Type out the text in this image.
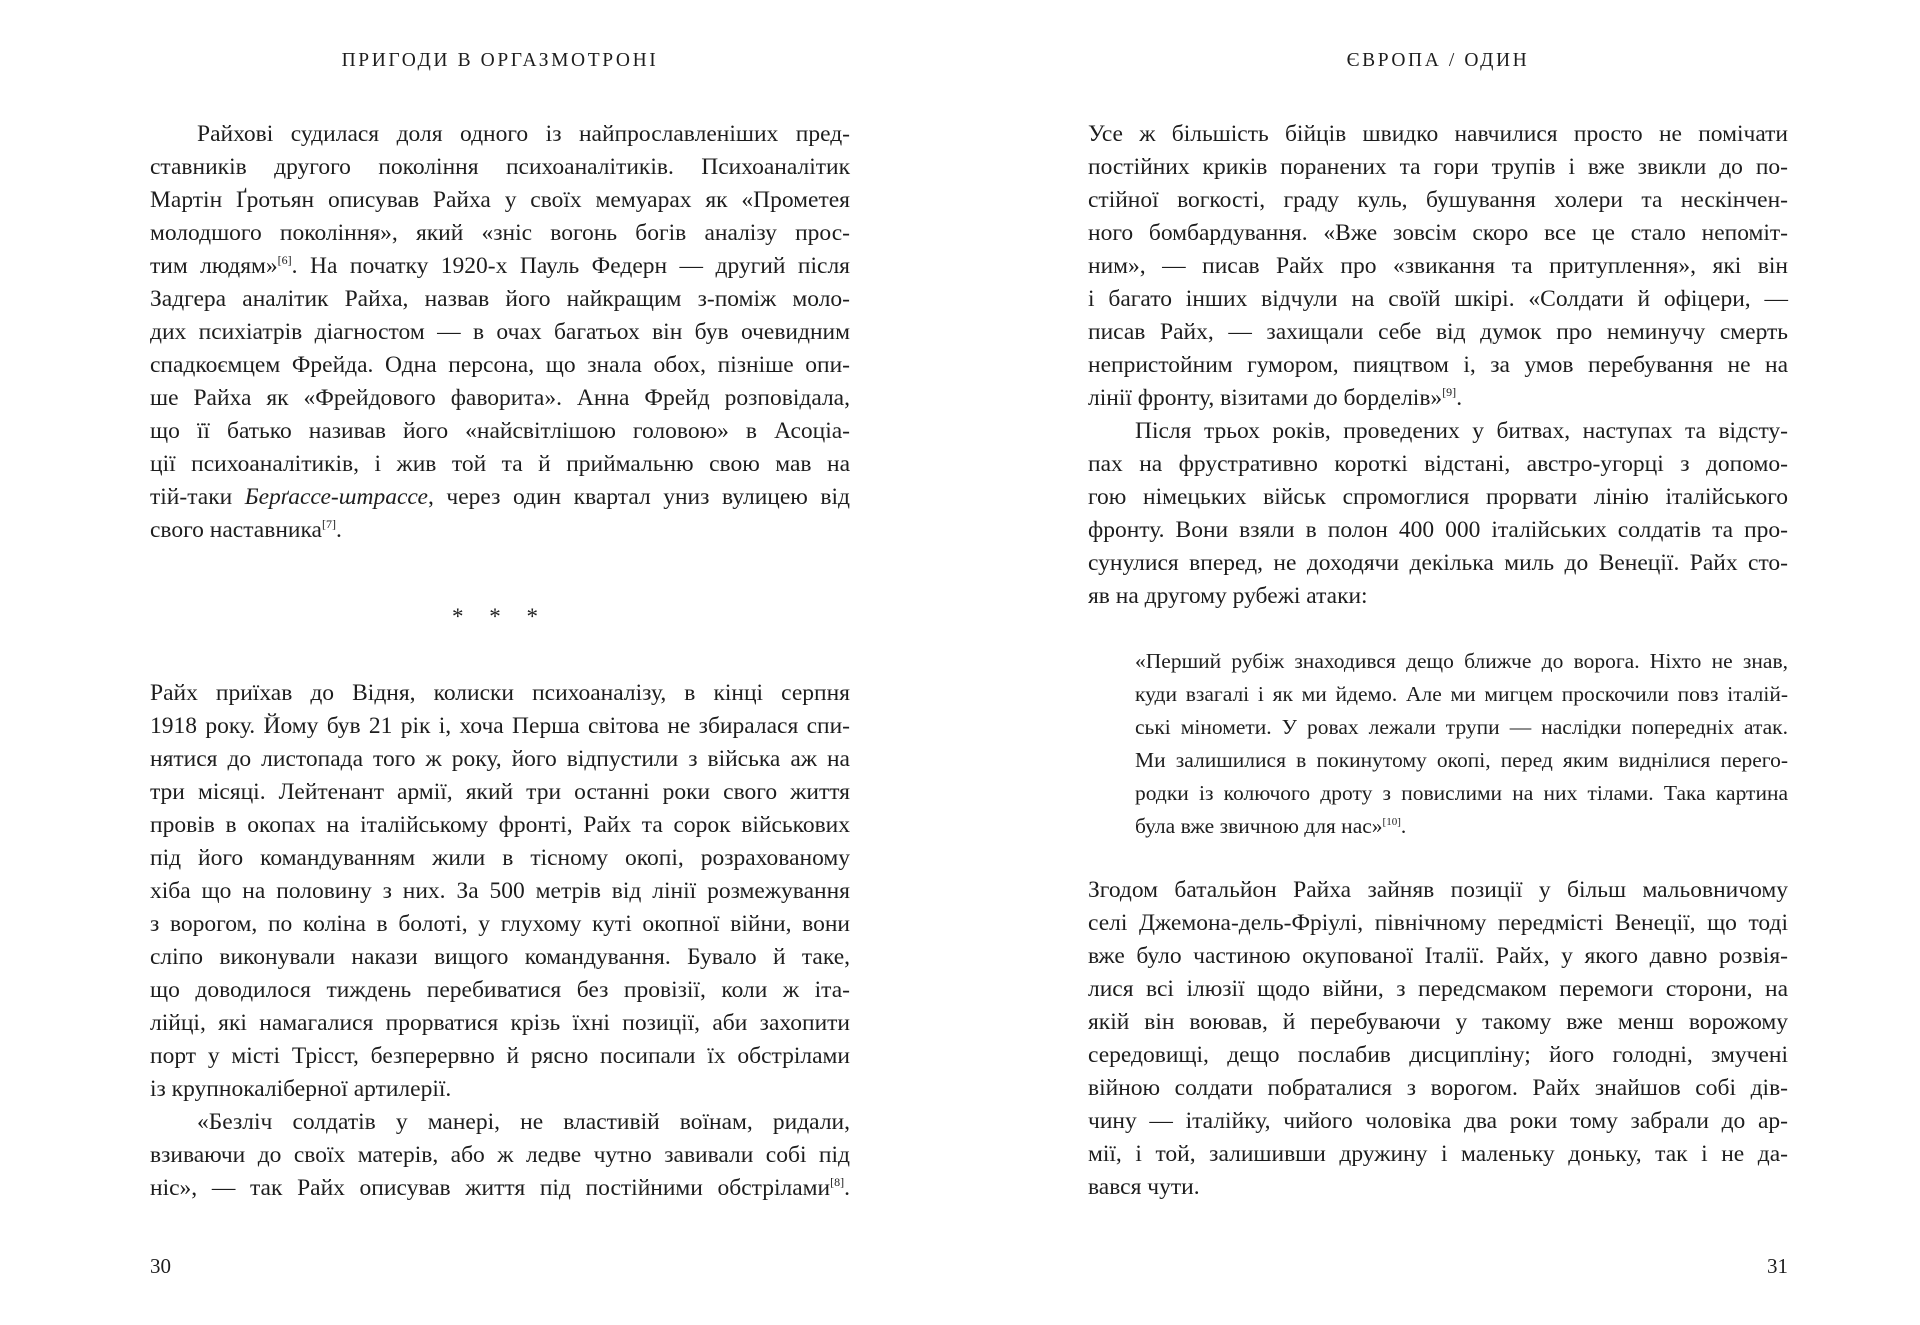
ПРИГОДИ В ОРГАЗМОТРОНІ
Райхові судилася доля одного із найпрославленіших пред-
ставників другого покоління психоаналітиків. Психоаналітик
Мартін Ґротьян описував Райха у своїх мемуарах як «Прометея
молодшого покоління», який «зніс вогонь богів аналізу прос-
тим людям»[6]. На початку 1920-х Пауль Федерн — другий після
Задгера аналітик Райха, назвав його найкращим з-поміж моло-
дих психіатрів діагностом — в очах багатьох він був очевидним
спадкоємцем Фрейда. Одна персона, що знала обох, пізніше опи-
ше Райха як «Фрейдового фаворита». Анна Фрейд розповідала,
що її батько називав його «найсвітлішою головою» в Асоціа-
ції психоаналітиків, і жив той та й приймальню свою мав на
тій-таки Берґассе-штрассе, через один квартал униз вулицею від
свого наставника[7].
* * *
Райх приїхав до Відня, колиски психоаналізу, в кінці серпня
1918 року. Йому був 21 рік і, хоча Перша світова не збиралася спи-
нятися до листопада того ж року, його відпустили з війська аж на
три місяці. Лейтенант армії, який три останні роки свого життя
провів в окопах на італійському фронті, Райх та сорок військових
під його командуванням жили в тісному окопі, розрахованому
хіба що на половину з них. За 500 метрів від лінії розмежування
з ворогом, по коліна в болоті, у глухому куті окопної війни, вони
сліпо виконували накази вищого командування. Бувало й таке,
що доводилося тиждень перебиватися без провізії, коли ж іта-
лійці, які намагалися прорватися крізь їхні позиції, аби захопити
порт у місті Трісст, безперервно й рясно посипали їх обстрілами
із крупнокаліберної артилерії.
«Безліч солдатів у манері, не властивій воїнам, ридали,
взиваючи до своїх матерів, або ж ледве чутно завивали собі під
ніс», — так Райх описував життя під постійними обстрілами[8].
30
ЄВРОПА / ОДИН
Усе ж більшість бійців швидко навчилися просто не помічати
постійних криків поранених та гори трупів і вже звикли до по-
стійної вогкості, граду куль, бушування холери та нескінчен-
ного бомбардування. «Вже зовсім скоро все це стало непоміт-
ним», — писав Райх про «звикання та притуплення», які він
і багато інших відчули на своїй шкірі. «Солдати й офіцери, —
писав Райх, — захищали себе від думок про неминучу смерть
непристойним гумором, пияцтвом і, за умов перебування не на
лінії фронту, візитами до борделів»[9].
Після трьох років, проведених у битвах, наступах та відсту-
пах на фрустративно короткі відстані, австро-угорці з допомо-
гою німецьких військ спромоглися прорвати лінію італійського
фронту. Вони взяли в полон 400 000 італійських солдатів та про-
сунулися вперед, не доходячи декілька миль до Венеції. Райх сто-
яв на другому рубежі атаки:
«Перший рубіж знаходився дещо ближче до ворога. Ніхто не знав,
куди взагалі і як ми йдемо. Але ми мигцем проскочили повз італій-
ські міномети. У ровах лежали трупи — наслідки попередніх атак.
Ми залишилися в покинутому окопі, перед яким виднілися перего-
родки із колючого дроту з повислими на них тілами. Така картина
була вже звичною для нас»[10].
Згодом батальйон Райха зайняв позиції у більш мальовничому
селі Джемона-дель-Фріулі, північному передмісті Венеції, що тоді
вже було частиною окупованої Італії. Райх, у якого давно розвія-
лися всі ілюзії щодо війни, з передсмаком перемоги сторони, на
якій він воював, й перебуваючи у такому вже менш ворожому
середовищі, дещо послабив дисципліну; його голодні, змучені
війною солдати побраталися з ворогом. Райх знайшов собі дів-
чину — італійку, чийого чоловіка два роки тому забрали до ар-
мії, і той, залишивши дружину і маленьку доньку, так і не да-
вався чути.
31
